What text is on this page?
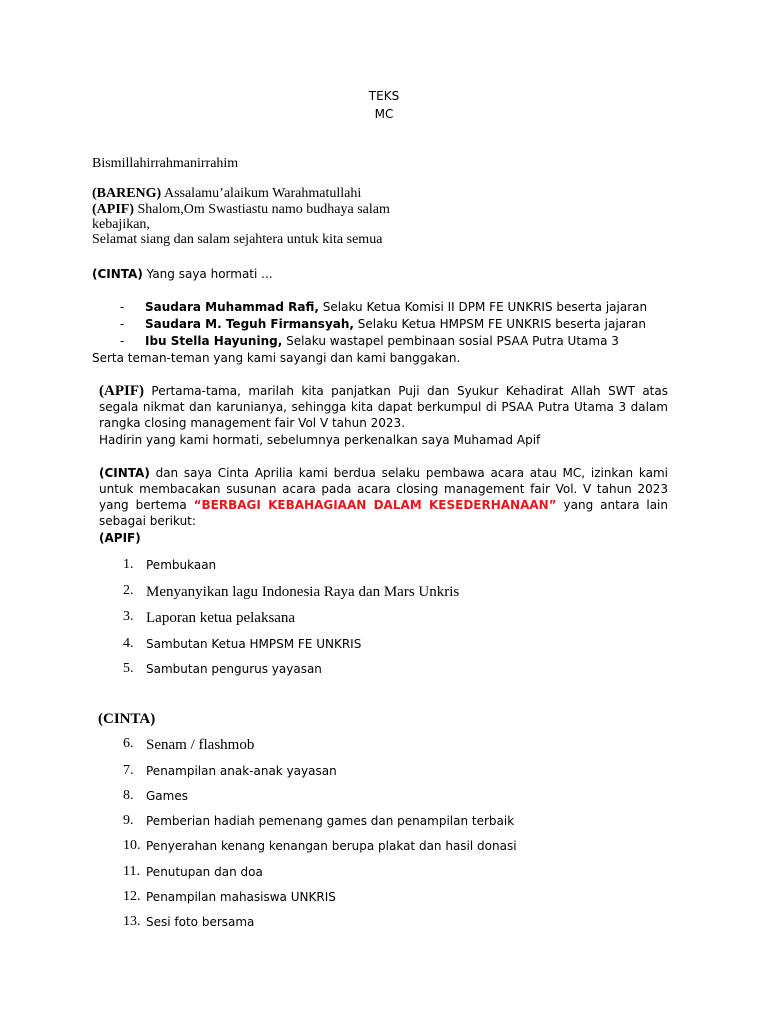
TEKS
MC
Bismillahirrahmanirrahim
(BARENG) Assalamu’alaikum Warahmatullahi
(APIF) Shalom,Om Swastiastu namo budhaya salam
kebajikan,
Selamat siang dan salam sejahtera untuk kita semua
(CINTA) Yang saya hormati ...
- Saudara Muhammad Rafi, Selaku Ketua Komisi II DPM FE UNKRIS beserta jajaran
- Saudara M. Teguh Firmansyah, Selaku Ketua HMPSM FE UNKRIS beserta jajaran
- Ibu Stella Hayuning, Selaku wastapel pembinaan sosial PSAA Putra Utama 3
Serta teman-teman yang kami sayangi dan kami banggakan.
(APIF) Pertama-tama, marilah kita panjatkan Puji dan Syukur Kehadirat Allah SWT atas segala nikmat dan karunianya, sehingga kita dapat berkumpul di PSAA Putra Utama 3 dalam rangka closing management fair Vol V tahun 2023.
Hadirin yang kami hormati, sebelumnya perkenalkan saya Muhamad Apif
(CINTA) dan saya Cinta Aprilia kami berdua selaku pembawa acara atau MC, izinkan kami untuk membacakan susunan acara pada acara closing management fair Vol. V tahun 2023 yang bertema “BERBAGI KEBAHAGIAAN DALAM KESEDERHANAAN” yang antara lain sebagai berikut:
(APIF)
1. Pembukaan
2. Menyanyikan lagu Indonesia Raya dan Mars Unkris
3. Laporan ketua pelaksana
4. Sambutan Ketua HMPSM FE UNKRIS
5. Sambutan pengurus yayasan
(CINTA)
6. Senam / flashmob
7. Penampilan anak-anak yayasan
8. Games
9. Pemberian hadiah pemenang games dan penampilan terbaik
10. Penyerahan kenang kenangan berupa plakat dan hasil donasi
11. Penutupan dan doa
12. Penampilan mahasiswa UNKRIS
13. Sesi foto bersama
